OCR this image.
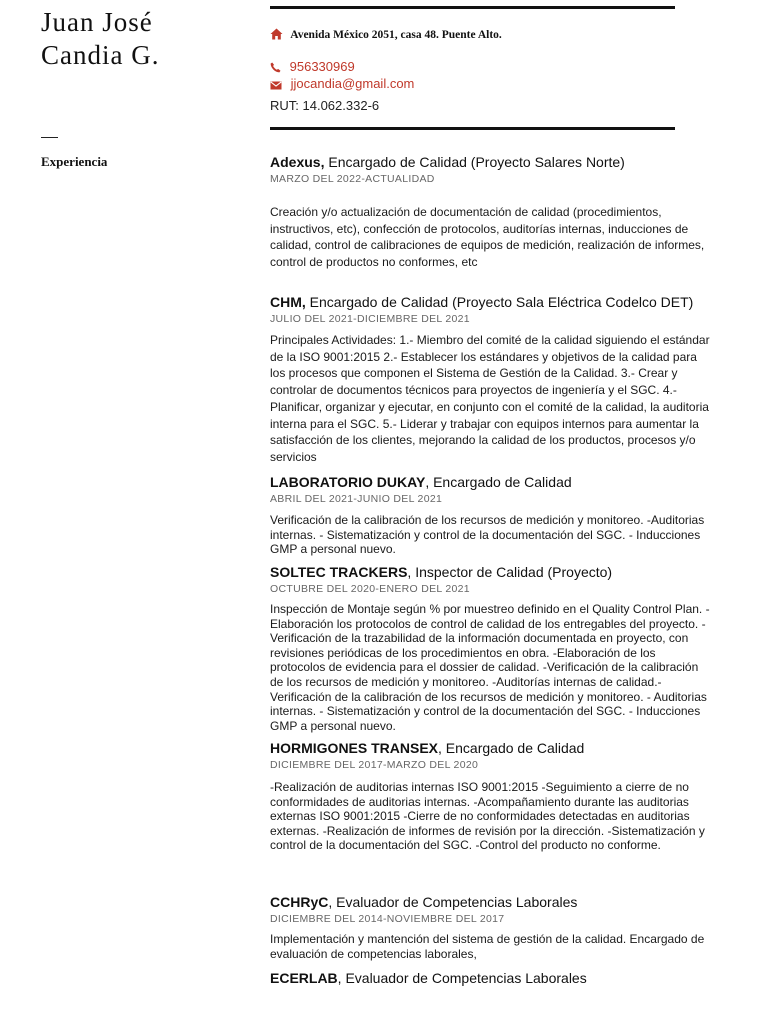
Juan José
Candia G.
Experiencia
Avenida México 2051, casa 48. Puente Alto.
956330969
jjocandia@gmail.com
RUT: 14.062.332-6
Adexus, Encargado de Calidad (Proyecto Salares Norte)
MARZO DEL 2022-ACTUALIDAD
Creación y/o actualización de documentación de calidad (procedimientos, instructivos, etc), confección de protocolos, auditorías internas, inducciones de calidad, control de calibraciones de equipos de medición, realización de informes, control de productos no conformes, etc
CHM, Encargado de Calidad (Proyecto Sala Eléctrica Codelco DET)
JULIO DEL 2021-DICIEMBRE DEL 2021
Principales Actividades: 1.- Miembro del comité de la calidad siguiendo el estándar de la ISO 9001:2015 2.- Establecer los estándares y objetivos de la calidad para los procesos que componen el Sistema de Gestión de la Calidad. 3.- Crear y controlar de documentos técnicos para proyectos de ingeniería y el SGC. 4.- Planificar, organizar y ejecutar, en conjunto con el comité de la calidad, la auditoria interna para el SGC. 5.- Liderar y trabajar con equipos internos para aumentar la satisfacción de los clientes, mejorando la calidad de los productos, procesos y/o servicios
LABORATORIO DUKAY, Encargado de Calidad
ABRIL DEL 2021-JUNIO DEL 2021
Verificación de la calibración de los recursos de medición y monitoreo. -Auditorias internas. - Sistematización y control de la documentación del SGC. - Inducciones GMP a personal nuevo.
SOLTEC TRACKERS, Inspector de Calidad (Proyecto)
OCTUBRE DEL 2020-ENERO DEL 2021
Inspección de Montaje según % por muestreo definido en el Quality Control Plan. -Elaboración los protocolos de control de calidad de los entregables del proyecto. -Verificación de la trazabilidad de la información documentada en proyecto, con revisiones periódicas de los procedimientos en obra. -Elaboración de los protocolos de evidencia para el dossier de calidad. -Verificación de la calibración de los recursos de medición y monitoreo. -Auditorías internas de calidad.-Verificación de la calibración de los recursos de medición y monitoreo. - Auditorias internas. - Sistematización y control de la documentación del SGC. - Inducciones GMP a personal nuevo.
HORMIGONES TRANSEX, Encargado de Calidad
DICIEMBRE DEL 2017-MARZO DEL 2020
-Realización de auditorias internas ISO 9001:2015 -Seguimiento a cierre de no conformidades de auditorias internas. -Acompañamiento durante las auditorias externas ISO 9001:2015 -Cierre de no conformidades detectadas en auditorias externas. -Realización de informes de revisión por la dirección. -Sistematización y control de la documentación del SGC. -Control del producto no conforme.
CCHRyC, Evaluador de Competencias Laborales
DICIEMBRE DEL 2014-NOVIEMBRE DEL 2017
Implementación y mantención del sistema de gestión de la calidad. Encargado de evaluación de competencias laborales,
ECERLAB, Evaluador de Competencias Laborales
